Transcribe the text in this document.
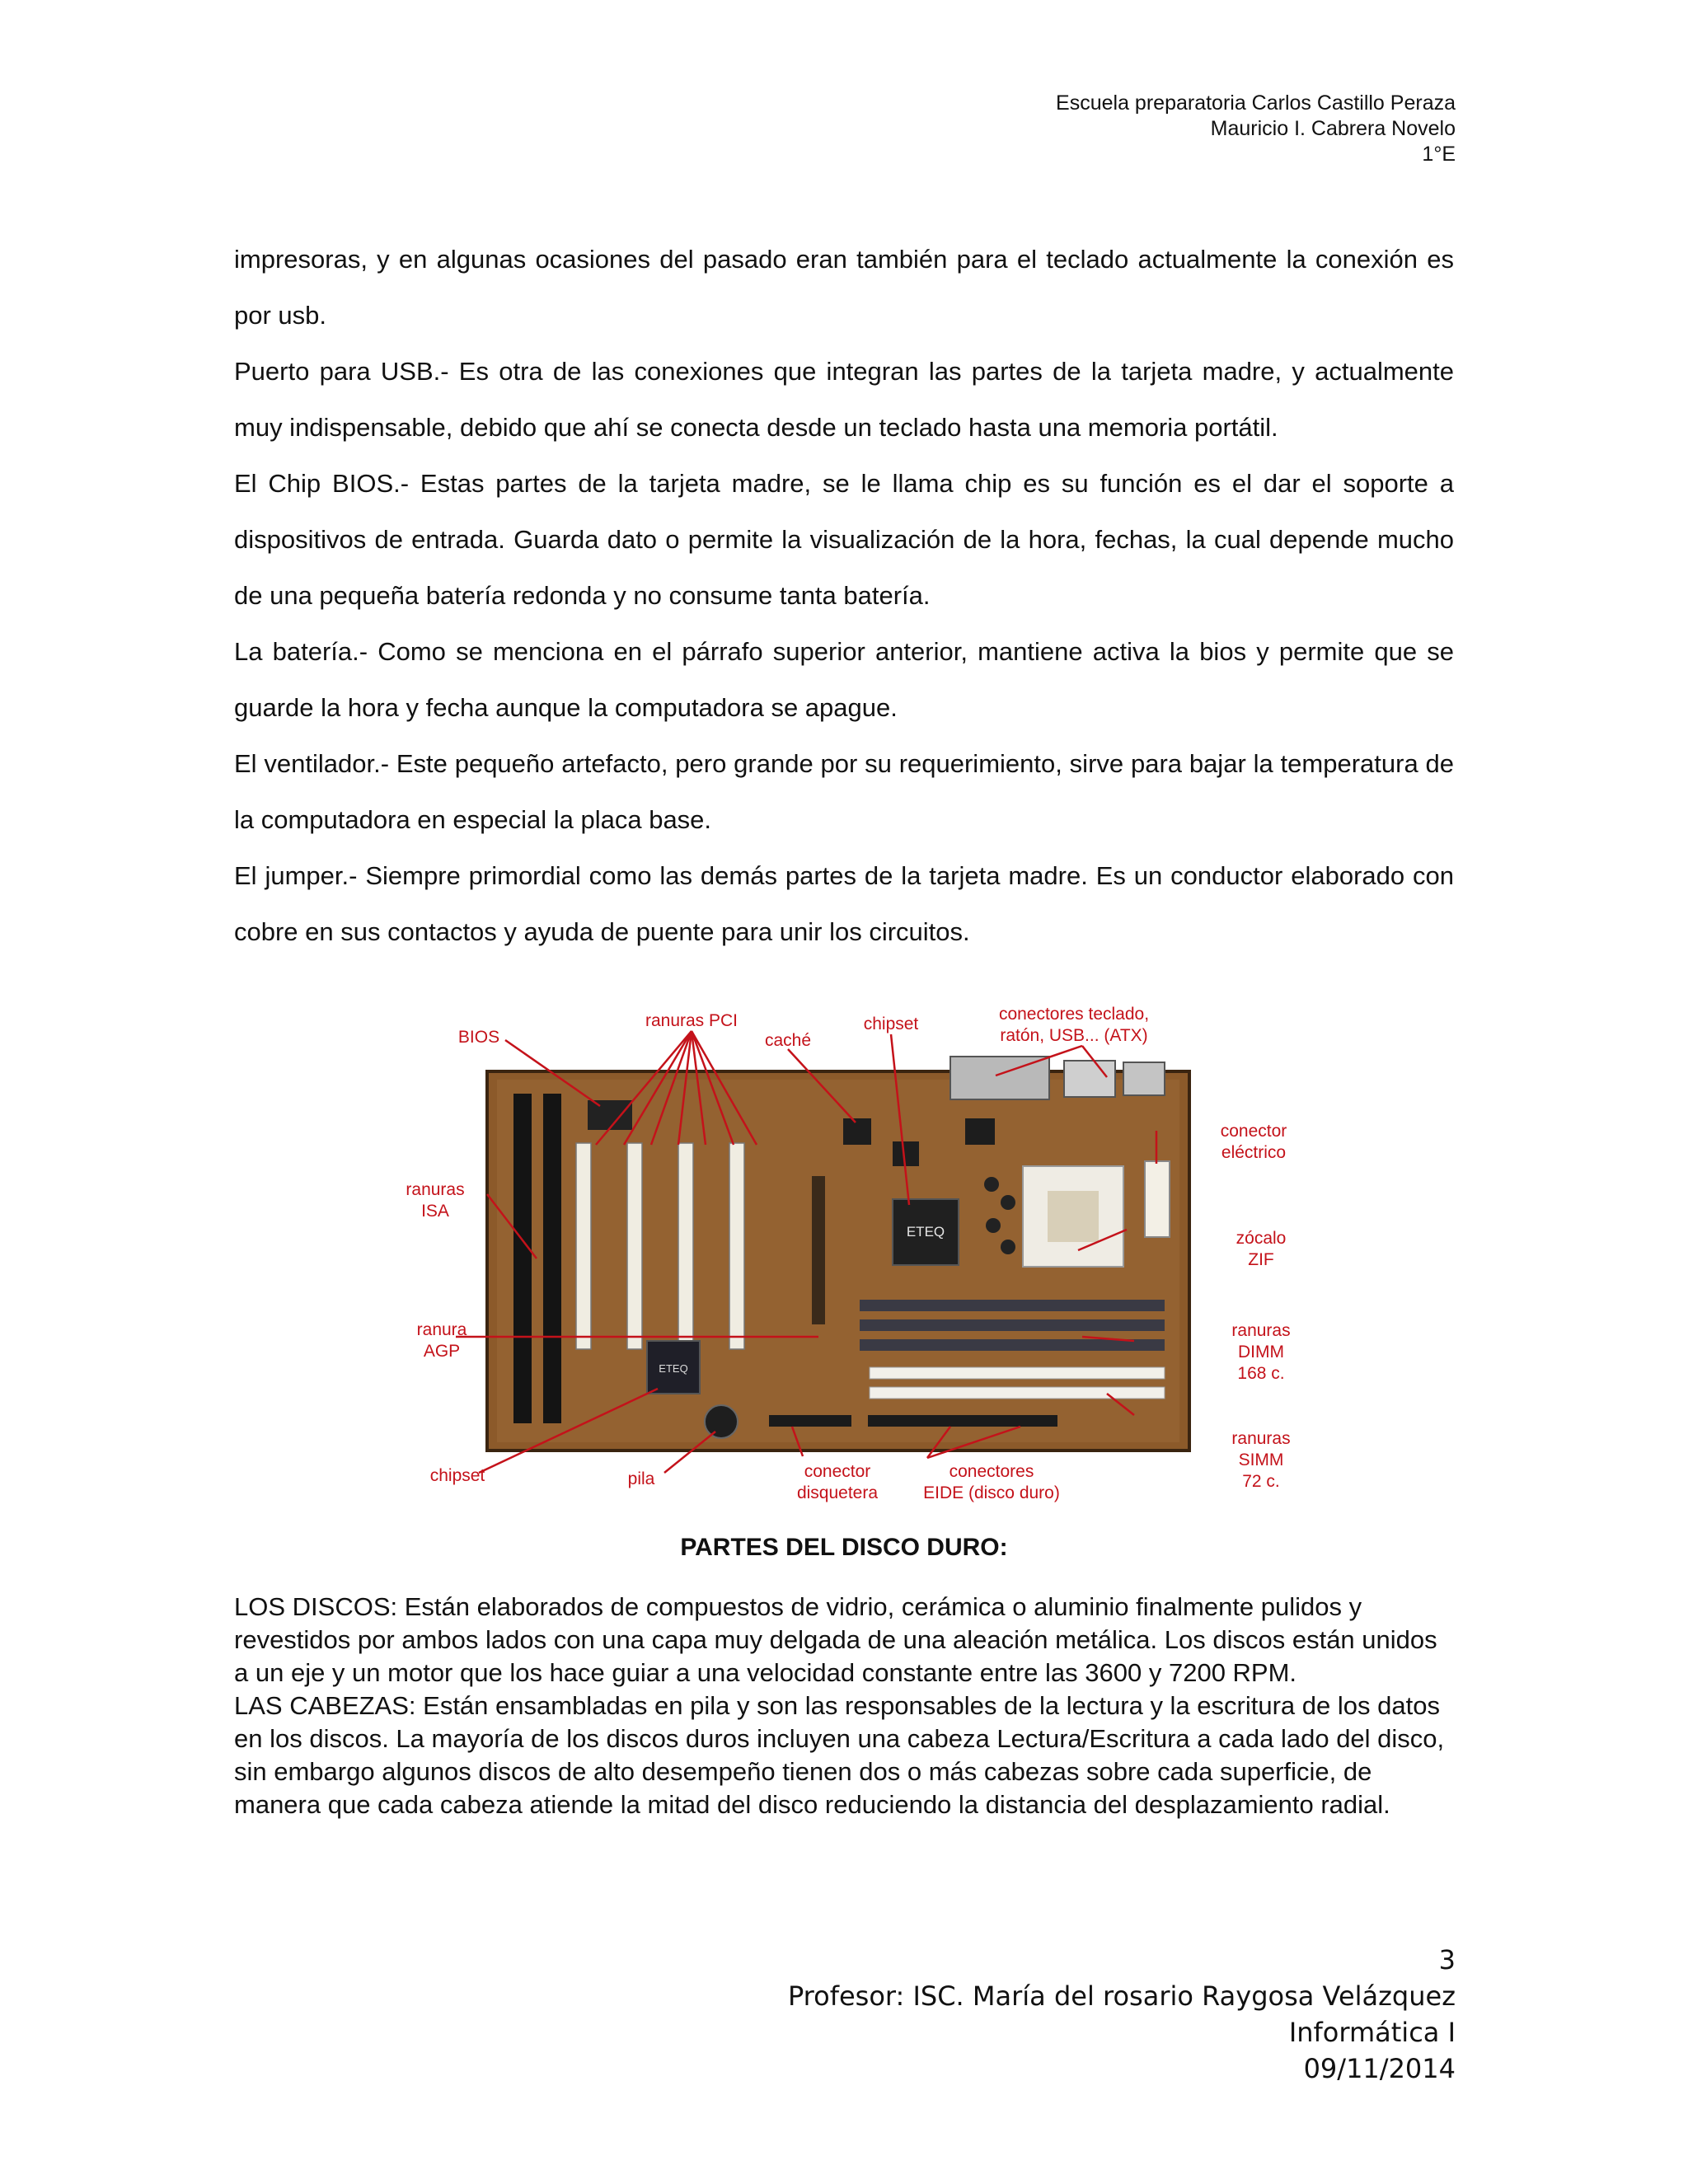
Escuela preparatoria Carlos Castillo Peraza
Mauricio I. Cabrera Novelo
1°E

impresoras, y en algunas ocasiones del pasado eran también para el teclado actualmente la conexión es por usb.

Puerto para USB.- Es otra de las conexiones que integran las partes de la tarjeta madre, y actualmente muy indispensable, debido que ahí se conecta desde un teclado hasta una memoria portátil.

El Chip BIOS.- Estas partes de la tarjeta madre, se le llama chip es su función es el dar el soporte a dispositivos de entrada. Guarda dato o permite la visualización de la hora, fechas, la cual depende mucho de una pequeña batería redonda y no consume tanta batería.

La batería.- Como se menciona en el párrafo superior anterior, mantiene activa la bios y permite que se guarde la hora y fecha aunque la computadora se apague.

El ventilador.- Este pequeño artefacto, pero grande por su requerimiento, sirve para bajar la temperatura de la computadora en especial la placa base.

El jumper.- Siempre primordial como las demás partes de la tarjeta madre. Es un conductor elaborado con cobre en sus contactos y ayuda de puente para unir los circuitos.

ETEQ
ETEQ
BIOS
ranuras PCI
caché
chipset
conectores teclado,
ratón, USB... (ATX)
conector
eléctrico
ranuras
ISA
zócalo
ZIF
ranura
AGP
ranuras
DIMM
168 c.
ranuras
SIMM
72 c.
chipset	pila	conector
disquetera
conectores
EIDE (disco duro)
PARTES DEL DISCO DURO:

LOS DISCOS: Están elaborados de compuestos de vidrio, cerámica o aluminio finalmente pulidos y revestidos por ambos lados con una capa muy delgada de una aleación metálica. Los discos están unidos a un eje y un motor que los hace guiar a una velocidad constante entre las 3600 y 7200 RPM.

LAS CABEZAS: Están ensambladas en pila y son las responsables de la lectura y la escritura de los datos en los discos. La mayoría de los discos duros incluyen una cabeza Lectura/Escritura a cada lado del disco, sin embargo algunos discos de alto desempeño tienen dos o más cabezas sobre cada superficie, de manera que cada cabeza atiende la mitad del disco reduciendo la distancia del desplazamiento radial.

3
Profesor: ISC. María del rosario Raygosa Velázquez
Informática I
09/11/2014
